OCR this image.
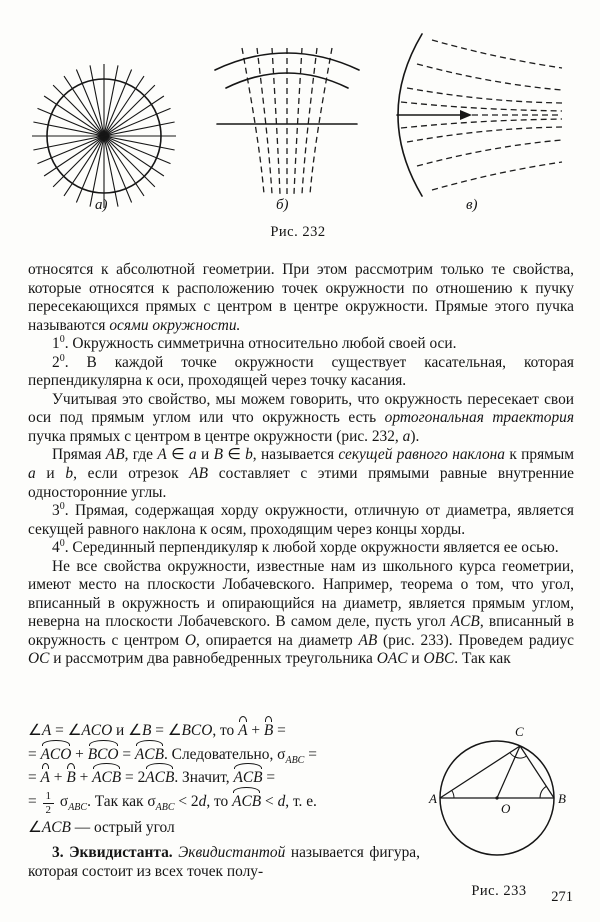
а)	б)	в)
Рис. 232
относятся к абсолютной геометрии. При этом рассмотрим только те свойства, которые относятся к расположению точек окружности по отношению к пучку пересекающихся прямых с центром в центре окружности. Прямые этого пучка называются осями окружности.
$1^0$. Окружность симметрична относительно любой своей оси.
$2^0$. В каждой точке окружности существует касательная, которая перпендикулярна к оси, проходящей через точку касания.
Учитывая это свойство, мы можем говорить, что окружность пересекает свои оси под прямым углом или что окружность есть ортогональная траектория пучка прямых с центром в центре окружности (рис. 232, а).
Прямая AB, где A ∈ a и B ∈ b, называется секущей равного наклона к прямым a и b, если отрезок AB составляет с этими прямыми равные внутренние односторонние углы.
$3^0$. Прямая, содержащая хорду окружности, отличную от диаметра, является секущей равного наклона к осям, проходящим через концы хорды.
$4^0$. Серединный перпендикуляр к любой хорде окружности является ее осью.
Не все свойства окружности, известные нам из школьного курса геометрии, имеют место на плоскости Лобачевского. Например, теорема о том, что угол, вписанный в окружность и опирающийся на диаметр, является прямым углом, неверна на плоскости Лобачевского. В самом деле, пусть угол ACB, вписанный в окружность с центром O, опирается на диаметр AB (рис. 233). Проведем радиус OC и рассмотрим два равнобедренных треугольника OAC и OBC. Так как
∠A = ∠ACO и ∠B = ∠BCO, то A + B =
= ACO + BCO = ACB. Следовательно, $\sigma_{ABC}$ =
= A + B + ACB = 2ACB. Значит, ACB =
= $\frac{1}{2} \sigma_{ABC}$. Так как $\sigma_{ABC} < 2d$, то ACB < d, т. е.
∠ACB — острый угол
3. Эквидистанта. Эквидистантой называется фигура, которая состоит из всех точек полу-
A	B
C
O
Рис. 233	271
